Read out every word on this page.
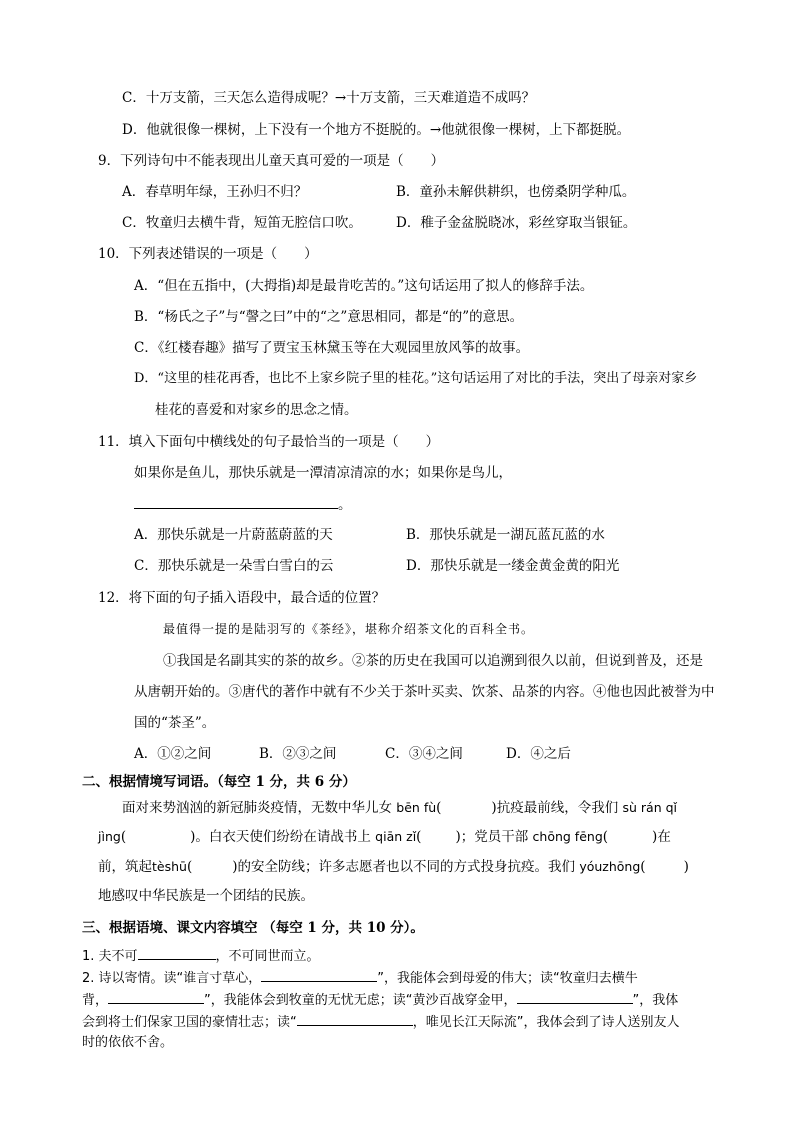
C．十万支箭，三天怎么造得成呢？→十万支箭，三天难道造不成吗？
D．他就很像一棵树，上下没有一个地方不挺脱的。→他就很像一棵树，上下都挺脱。
9．下列诗句中不能表现出儿童天真可爱的一项是（　　）
A．春草明年绿，王孙归不归？	B．童孙未解供耕织，也傍桑阴学种瓜。
C．牧童归去横牛背，短笛无腔信口吹。	D．稚子金盆脱晓冰，彩丝穿取当银钲。
10．下列表述错误的一项是（　　）
A．“但在五指中，(大拇指)却是最肯吃苦的。”这句话运用了拟人的修辞手法。
B．“杨氏之子”与“謦之曰”中的“之”意思相同，都是“的”的意思。
C．《红楼春趣》描写了贾宝玉林黛玉等在大观园里放风筝的故事。
D．“这里的桂花再香，也比不上家乡院子里的桂花。”这句话运用了对比的手法，突出了母亲对家乡
桂花的喜爱和对家乡的思念之情。
11．填入下面句中横线处的句子最恰当的一项是（　　）
如果你是鱼儿，那快乐就是一潭清凉清凉的水；如果你是鸟儿，
。
A．那快乐就是一片蔚蓝蔚蓝的天	B．那快乐就是一湖瓦蓝瓦蓝的水
C．那快乐就是一朵雪白雪白的云	D．那快乐就是一缕金黄金黄的阳光
12．将下面的句子插入语段中，最合适的位置？
最值得一提的是陆羽写的《茶经》，堪称介绍茶文化的百科全书。
①我国是名副其实的茶的故乡。②茶的历史在我国可以追溯到很久以前，但说到普及，还是
从唐朝开始的。③唐代的著作中就有不少关于茶叶买卖、饮茶、品茶的内容。④他也因此被誉为中
国的“茶圣”。
A．①②之间	B．②③之间	C．③④之间	D．④之后
二、根据情境写词语。（每空 1 分，共 6 分）
面对来势汹汹的新冠肺炎疫情，无数中华儿女 bēn fù(	)抗疫最前线，令我们 sù rán qǐ
jìng(	)。白衣天使们纷纷在请战书上 qiān zǐ(	)；党员干部 chōng fēng(	)在
前，筑起tèshū(	)的安全防线；许多志愿者也以不同的方式投身抗疫。我们 yóuzhōng(	)
地感叹中华民族是一个团结的民族。
三、根据语境、课文内容填空 （每空 1 分，共 10 分）。
1. 夫不可	，不可同世而立。
2. 诗以寄情。读“谁言寸草心，	”，我能体会到母爱的伟大；读“牧童归去横牛
背，	”，我能体会到牧童的无忧无虑；读“黄沙百战穿金甲，	”，我体
会到将士们保家卫国的豪情壮志；读“	，唯见长江天际流”，我体会到了诗人送别友人
时的依依不舍。
